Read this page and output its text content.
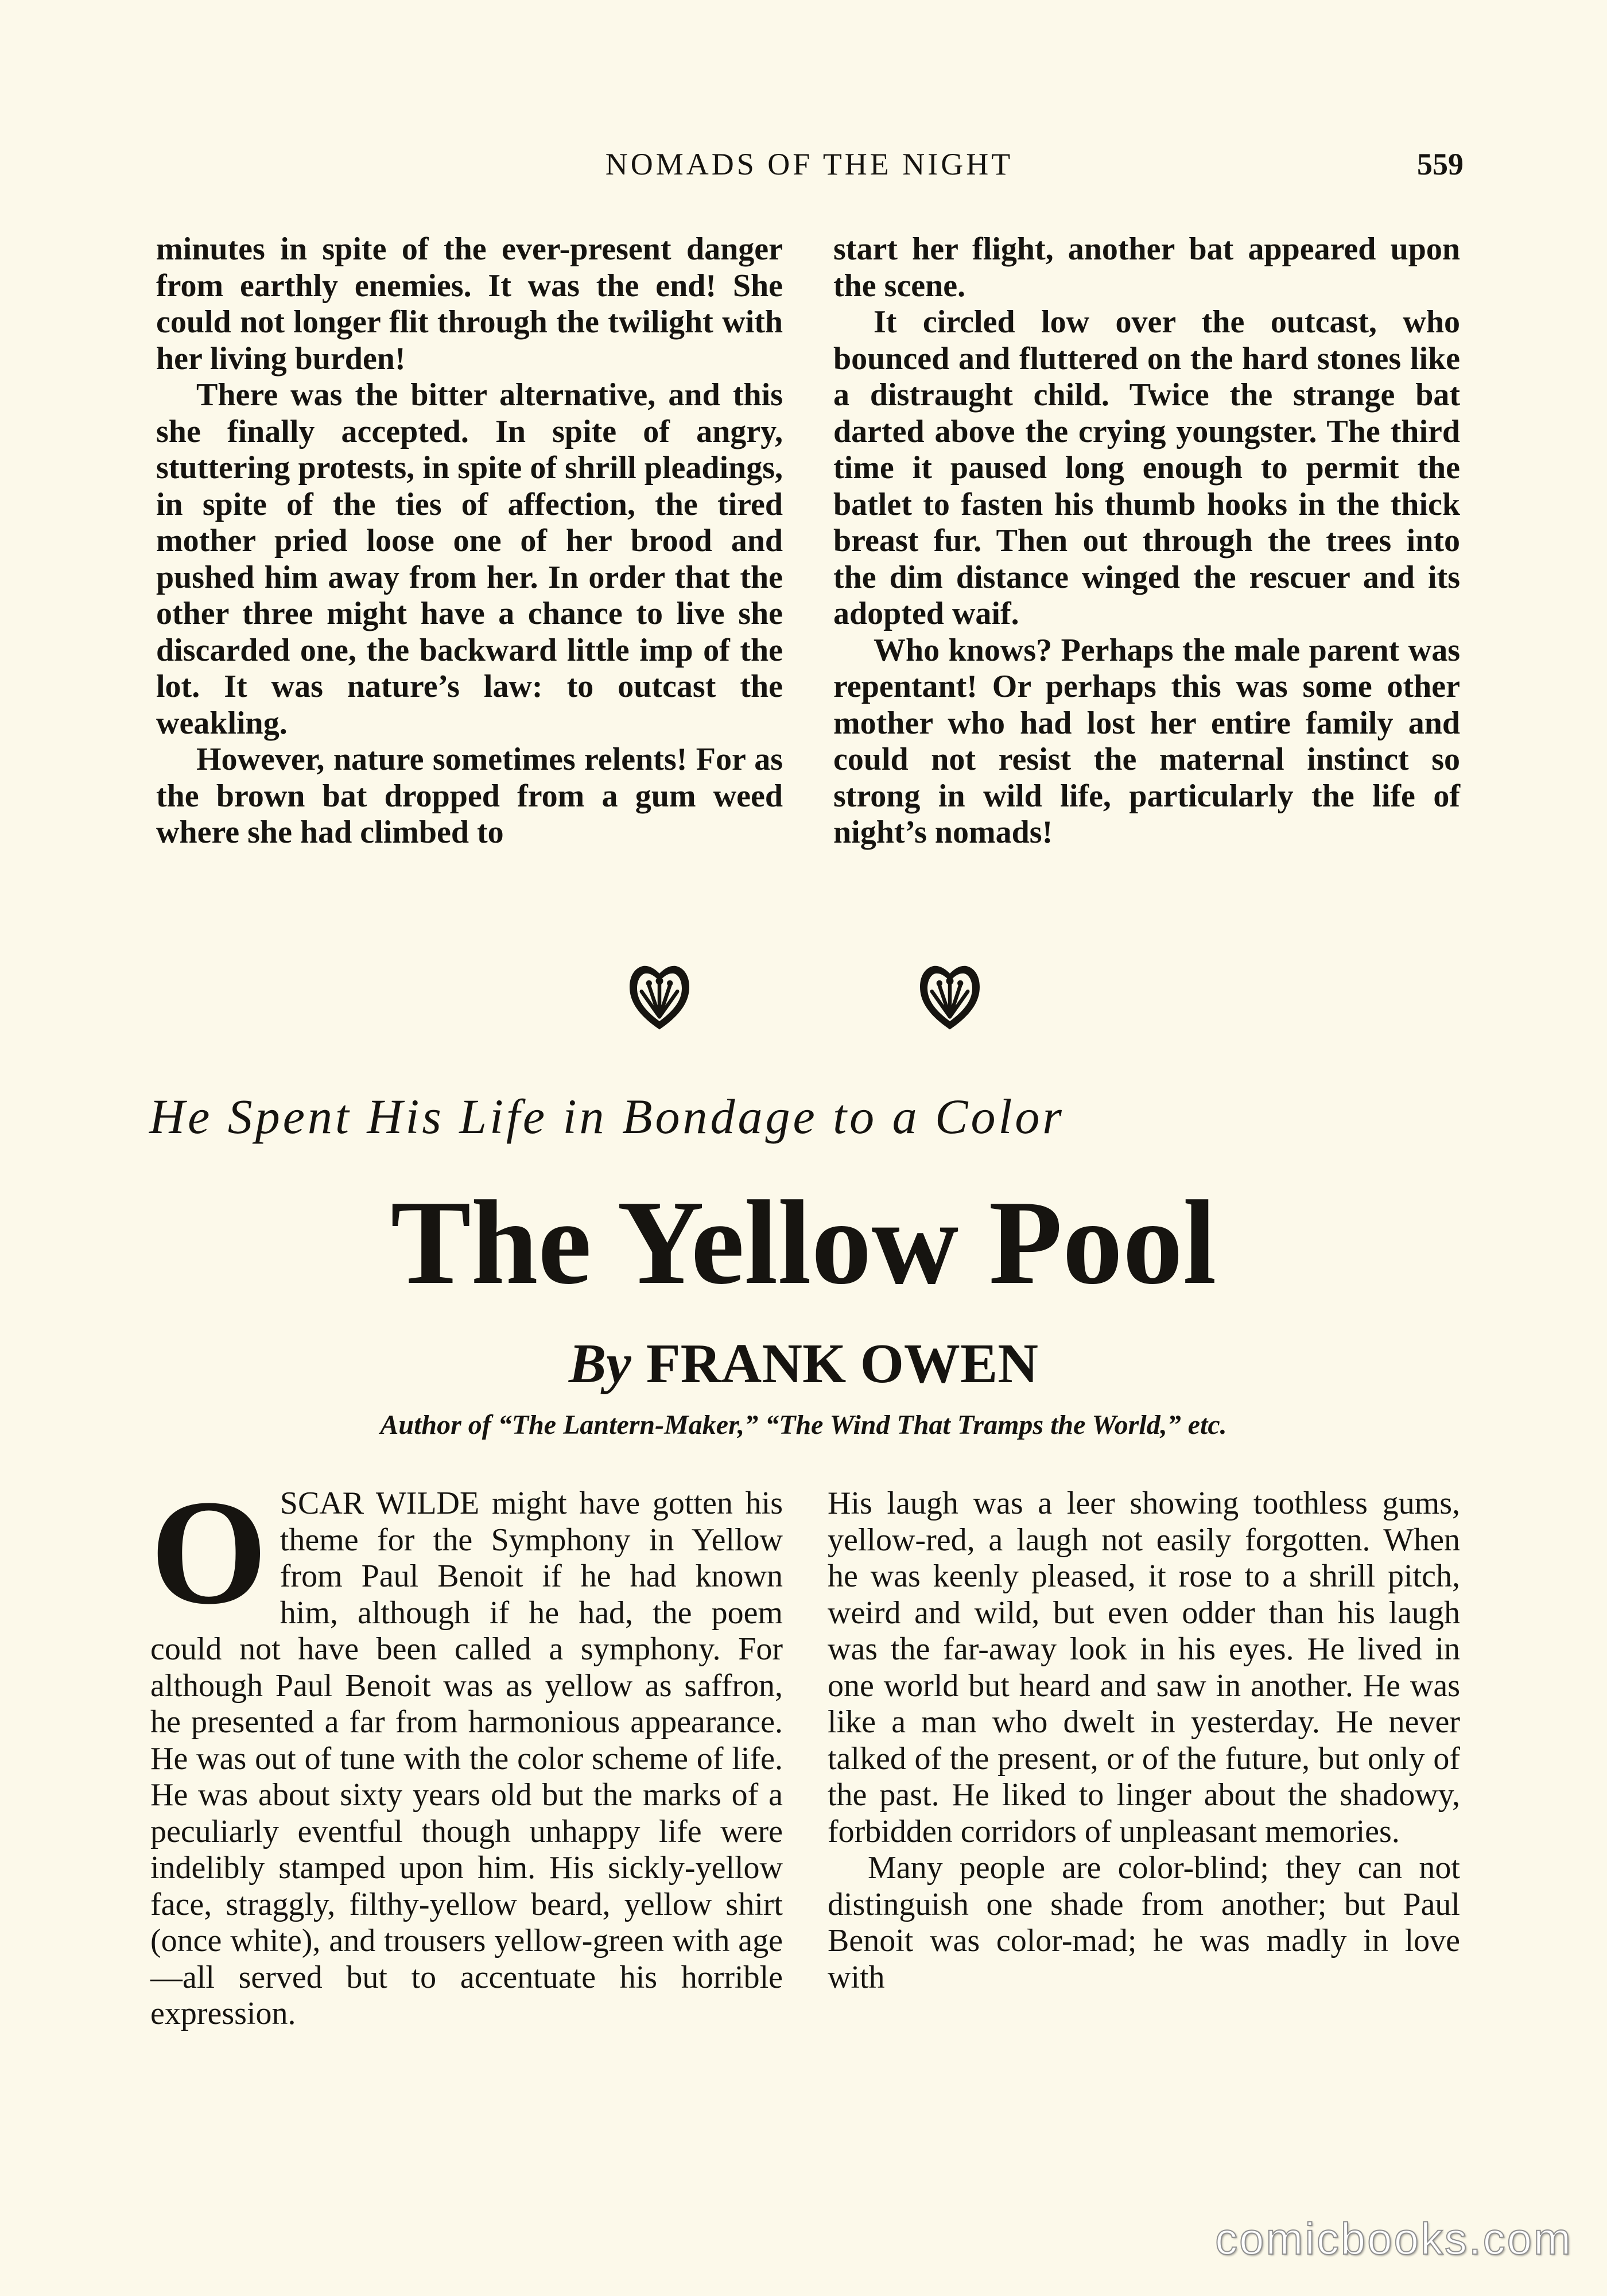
NOMADS OF THE NIGHT	559

minutes in spite of the ever-present danger from earthly enemies. It was the end! She could not longer flit through the twilight with her living burden!

There was the bitter alternative, and this she finally accepted. In spite of angry, stuttering protests, in spite of shrill pleadings, in spite of the ties of affection, the tired mother pried loose one of her brood and pushed him away from her. In order that the other three might have a chance to live she discarded one, the backward little imp of the lot. It was nature’s law: to outcast the weakling.

However, nature sometimes relents! For as the brown bat dropped from a gum weed where she had climbed to

start her flight, another bat appeared upon the scene.

It circled low over the outcast, who bounced and fluttered on the hard stones like a distraught child. Twice the strange bat darted above the crying youngster. The third time it paused long enough to permit the batlet to fasten his thumb hooks in the thick breast fur. Then out through the trees into the dim distance winged the rescuer and its adopted waif.

Who knows? Perhaps the male parent was repentant! Or perhaps this was some other mother who had lost her entire family and could not resist the maternal instinct so strong in wild life, particularly the life of night’s nomads!

He Spent His Life in Bondage to a Color
The Yellow Pool
By FRANK OWEN
Author of “The Lantern-Maker,” “The Wind That Tramps the World,” etc.
O SCAR WILDE might have gotten his theme for the Symphony in Yellow from Paul Benoit if he had known him, although if he had, the poem could not have been called a symphony. For although Paul Benoit was as yellow as saffron, he presented a far from harmonious appearance. He was out of tune with the color scheme of life. He was about sixty years old but the marks of a peculiarly eventful though unhappy life were indelibly stamped upon him. His sickly-yellow face, straggly, filthy-yellow beard, yellow shirt (once white), and trousers yellow-green with age—all served but to accentuate his horrible expression.

His laugh was a leer showing toothless gums, yellow-red, a laugh not easily forgotten. When he was keenly pleased, it rose to a shrill pitch, weird and wild, but even odder than his laugh was the far-away look in his eyes. He lived in one world but heard and saw in another. He was like a man who dwelt in yesterday. He never talked of the present, or of the future, but only of the past. He liked to linger about the shadowy, forbidden corridors of unpleasant memories.

Many people are color-blind; they can not distinguish one shade from another; but Paul Benoit was color-mad; he was madly in love with

comicbooks.com
